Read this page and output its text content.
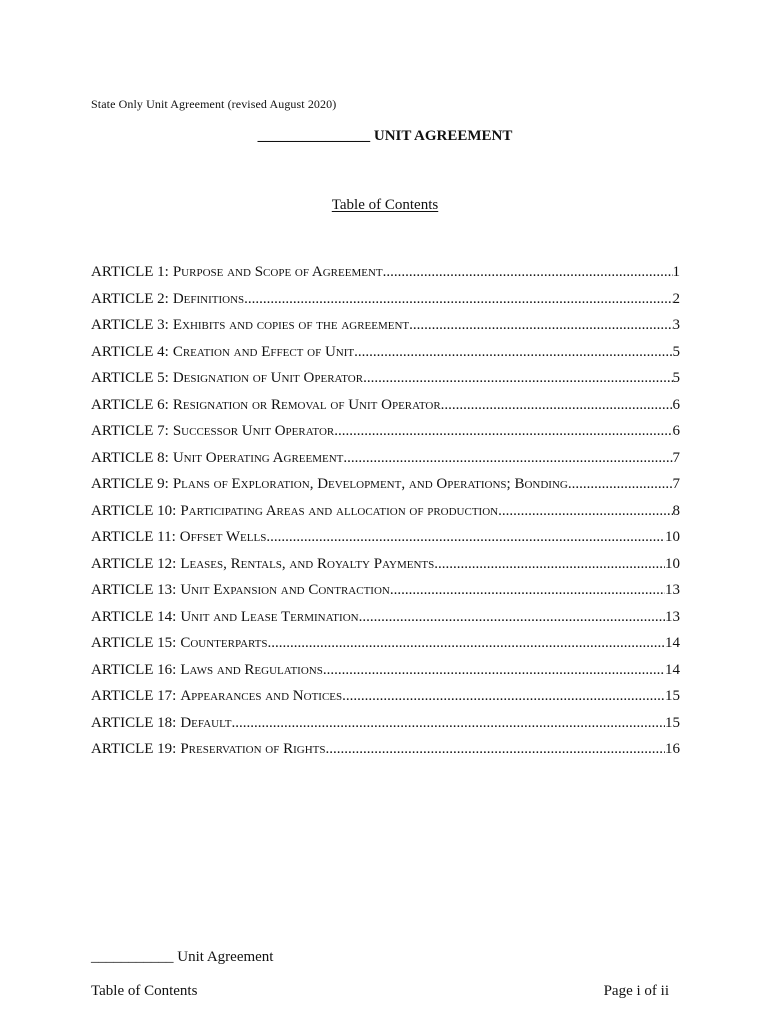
State Only Unit Agreement (revised August 2020)
_______________ UNIT AGREEMENT
Table of Contents
ARTICLE 1: Purpose and Scope of Agreement .....	1
ARTICLE 2: Definitions .....	2
ARTICLE 3: Exhibits and copies of the agreement .....	3
ARTICLE 4: Creation and Effect of Unit .....	5
ARTICLE 5: Designation of Unit Operator .....	5
ARTICLE 6: Resignation or Removal of Unit Operator .....	6
ARTICLE 7: Successor Unit Operator .....	6
ARTICLE 8: Unit Operating Agreement .....	7
ARTICLE 9: Plans of Exploration, Development, and Operations; Bonding .....	7
ARTICLE 10: Participating Areas and allocation of production .....	8
ARTICLE 11: Offset Wells .....	10
ARTICLE 12: Leases, Rentals, and Royalty Payments .....	10
ARTICLE 13: Unit Expansion and Contraction .....	13
ARTICLE 14: Unit and Lease Termination .....	13
ARTICLE 15: Counterparts .....	14
ARTICLE 16: Laws and Regulations .....	14
ARTICLE 17: Appearances and Notices .....	15
ARTICLE 18: Default .....	15
ARTICLE 19: Preservation of Rights .....	16
___________ Unit Agreement
Table of Contents	Page i of ii
